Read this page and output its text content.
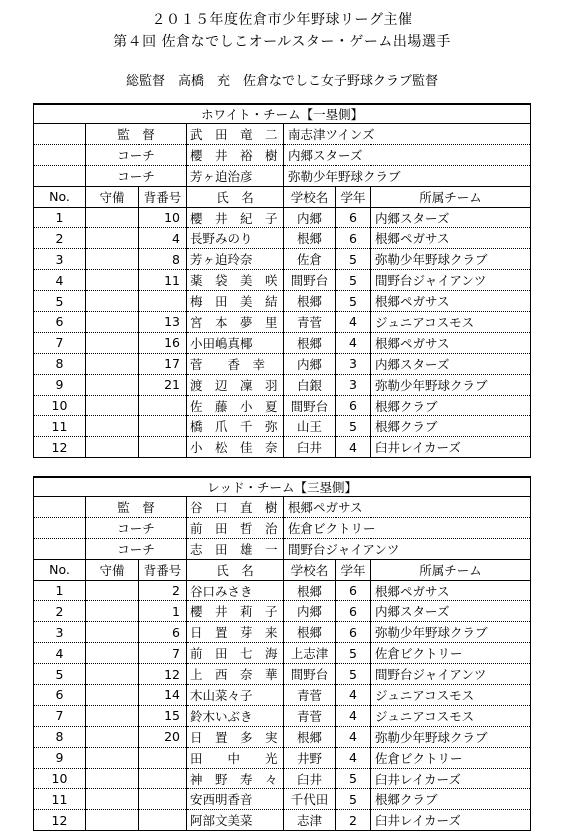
２０１５年度佐倉市少年野球リーグ主催
第４回 佐倉なでしこオールスター・ゲーム出場選手
総監督　高橋　充　佐倉なでしこ女子野球クラブ監督
ホワイト・チーム【一塁側】						
	監　督		武　田　竜　二	南志津ツインズ		
	コーチ		櫻　井　裕　樹	内郷スターズ		
	コーチ		芳ヶ迫治彦	弥勒少年野球クラブ		
No.	守備	背番号	氏　名	学校名	学年	所属チーム
1		10	櫻　井　紀　子	内郷	6	内郷スターズ
2		4	長野みのり	根郷	6	根郷ペガサス
3		8	芳ヶ迫玲奈	佐倉	5	弥勒少年野球クラブ
4		11	薬　袋　美　咲	間野台	5	間野台ジャイアンツ
5			梅　田　美　結	根郷	5	根郷ペガサス
6		13	宮　本　夢　里	青菅	4	ジュニアコスモス
7		16	小田嶋真椰	根郷	4	根郷ペガサス
8		17	菅　　香　幸	内郷	3	内郷スターズ
9		21	渡　辺　凜　羽	白銀	3	弥勒少年野球クラブ
10			佐　藤　小　夏	間野台	6	根郷クラブ
11			橋　爪　千　弥	山王	5	根郷クラブ
12			小　松　佳　奈	臼井	4	臼井レイカーズ
レッド・チーム【三塁側】						
	監　督		谷　口　直　樹	根郷ペガサス		
	コーチ		前　田　哲　治	佐倉ビクトリー		
	コーチ		志　田　雄　一	間野台ジャイアンツ		
No.	守備	背番号	氏　名	学校名	学年	所属チーム
1		2	谷口みさき	根郷	6	根郷ペガサス
2		1	櫻　井　莉　子	内郷	6	内郷スターズ
3		6	日　置　芽　来	根郷	6	弥勒少年野球クラブ
4		7	前　田　七　海	上志津	5	佐倉ビクトリー
5		12	上　西　奈　華	間野台	5	間野台ジャイアンツ
6		14	木山菜々子	青菅	4	ジュニアコスモス
7		15	鈴木いぶき	青菅	4	ジュニアコスモス
8		20	日　置　多　実	根郷	4	弥勒少年野球クラブ
9			田　　中　　光	井野	4	佐倉ビクトリー
10			神　野　寿　々	臼井	5	臼井レイカーズ
11			安西明香音	千代田	5	根郷クラブ
12			阿部文美菜	志津	2	臼井レイカーズ
